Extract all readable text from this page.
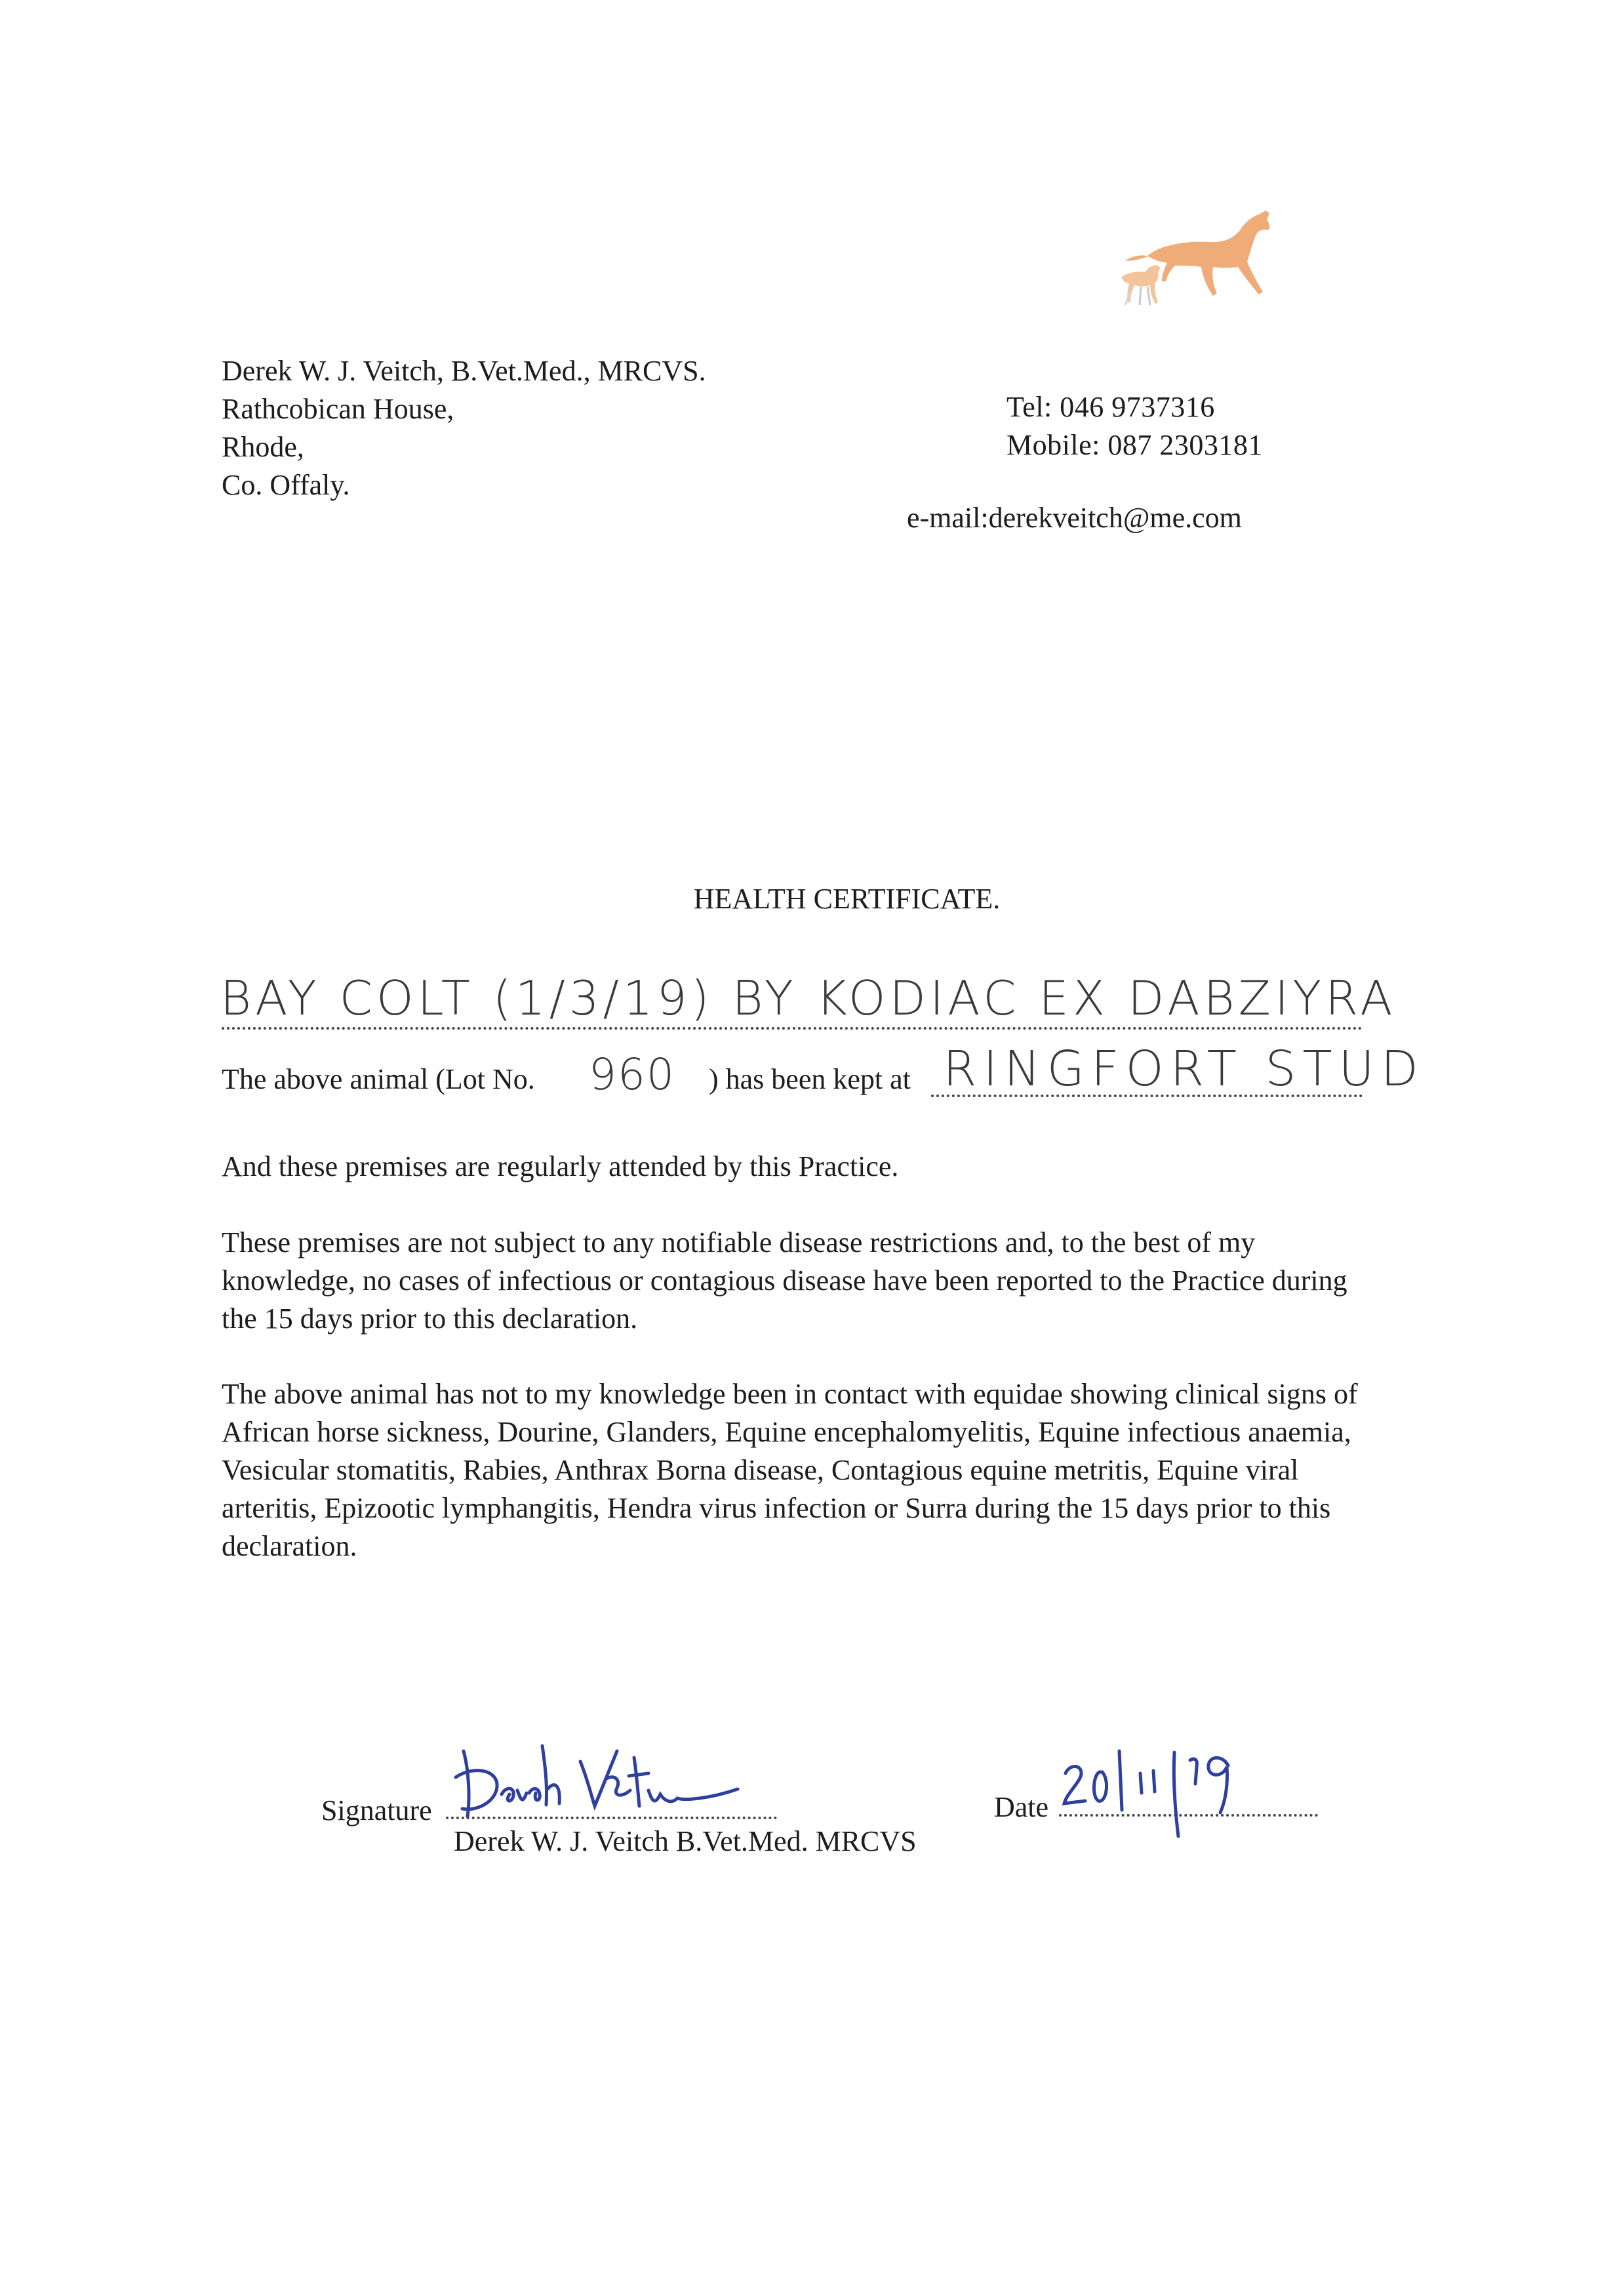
Derek W. J. Veitch, B.Vet.Med., MRCVS.
Rathcobican House,
Rhode,
Co. Offaly.
Tel: 046 9737316
Mobile: 087 2303181
e-mail:derekveitch@me.com
HEALTH CERTIFICATE.
BAY COLT (1/3/19) BY KODIAC EX DABZIYRA
The above animal (Lot No. 960 ) has been kept at RINGFORT STUD
And these premises are regularly attended by this Practice.
These premises are not subject to any notifiable disease restrictions and, to the best of my knowledge, no cases of infectious or contagious disease have been reported to the Practice during the 15 days prior to this declaration.
The above animal has not to my knowledge been in contact with equidae showing clinical signs of African horse sickness, Dourine, Glanders, Equine encephalomyelitis, Equine infectious anaemia, Vesicular stomatitis, Rabies, Anthrax Borna disease, Contagious equine metritis, Equine viral arteritis, Epizootic lymphangitis, Hendra virus infection or Surra during the 15 days prior to this declaration.
Signature	Date
Derek W. J. Veitch B.Vet.Med. MRCVS
